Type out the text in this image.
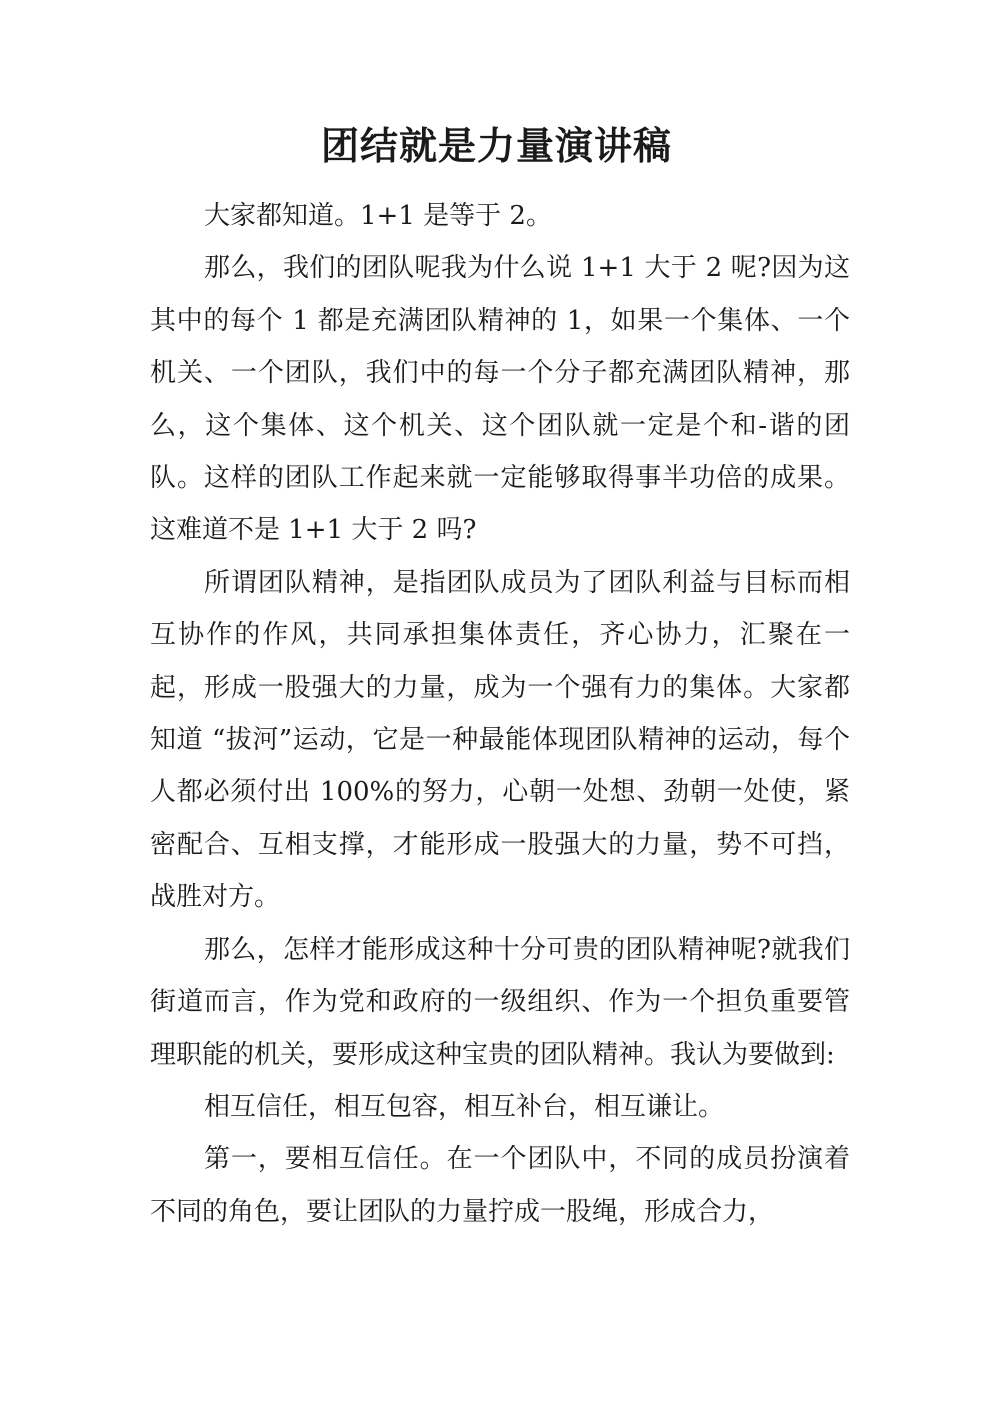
团结就是力量演讲稿

大家都知道。1+1 是等于 2。

那么，我们的团队呢我为什么说 1+1 大于 2 呢?因为这其中的每个 1 都是充满团队精神的 1，如果一个集体、一个机关、一个团队，我们中的每一个分子都充满团队精神，那么，这个集体、这个机关、这个团队就一定是个和-谐的团队。这样的团队工作起来就一定能够取得事半功倍的成果。这难道不是 1+1 大于 2 吗?

所谓团队精神，是指团队成员为了团队利益与目标而相互协作的作风，共同承担集体责任，齐心协力，汇聚在一起，形成一股强大的力量，成为一个强有力的集体。大家都知道 “拔河”运动，它是一种最能体现团队精神的运动，每个人都必须付出 100%的努力，心朝一处想、劲朝一处使，紧密配合、互相支撑，才能形成一股强大的力量，势不可挡，战胜对方。

那么，怎样才能形成这种十分可贵的团队精神呢?就我们街道而言，作为党和政府的一级组织、作为一个担负重要管理职能的机关，要形成这种宝贵的团队精神。我认为要做到:

相互信任，相互包容，相互补台，相互谦让。

第一，要相互信任。在一个团队中，不同的成员扮演着不同的角色，要让团队的力量拧成一股绳，形成合力，
